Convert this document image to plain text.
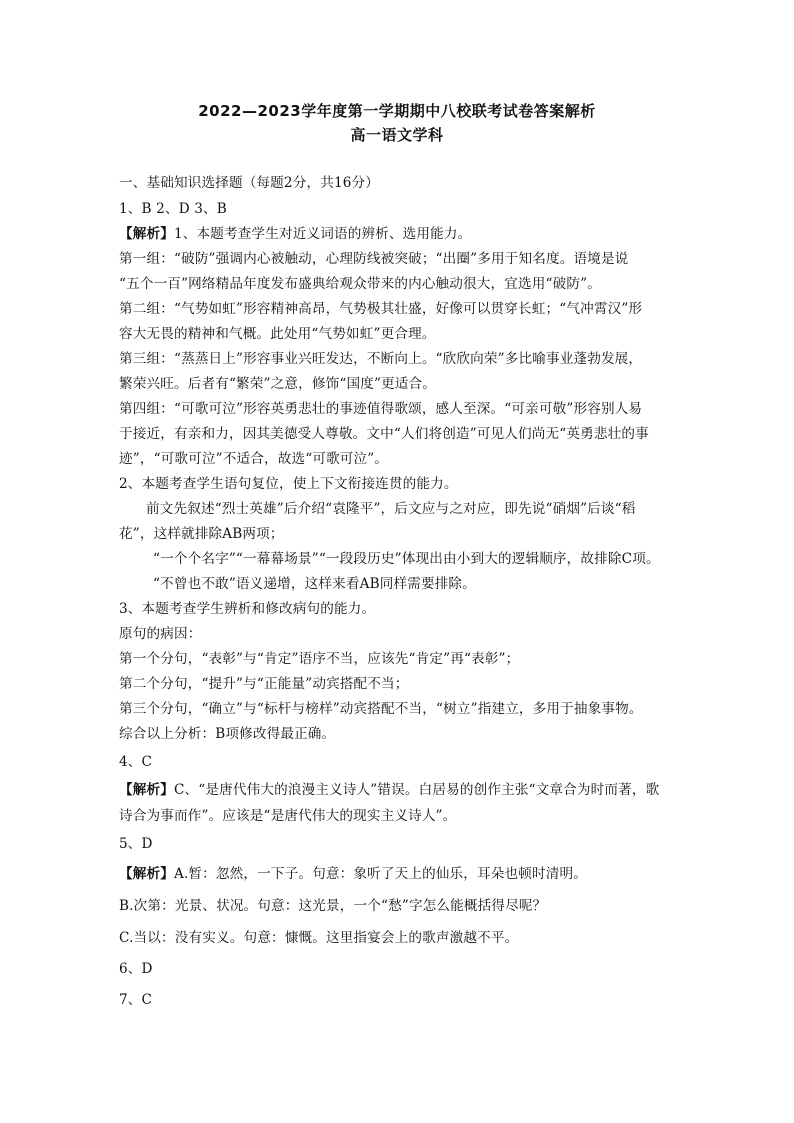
2022—2023学年度第一学期期中八校联考试卷答案解析
高一语文学科
一、基础知识选择题（每题2分，共16分）
1、B 2、D 3、B
【解析】1、本题考查学生对近义词语的辨析、选用能力。
第一组：“破防”强调内心被触动，心理防线被突破；“出圈”多用于知名度。语境是说
“五个一百”网络精品年度发布盛典给观众带来的内心触动很大，宜选用“破防”。
第二组：“气势如虹”形容精神高昂，气势极其壮盛，好像可以贯穿长虹；“气冲霄汉”形
容大无畏的精神和气概。此处用“气势如虹”更合理。
第三组：“蒸蒸日上”形容事业兴旺发达，不断向上。“欣欣向荣”多比喻事业蓬勃发展，
繁荣兴旺。后者有“繁荣”之意，修饰“国度”更适合。
第四组：“可歌可泣”形容英勇悲壮的事迹值得歌颂，感人至深。“可亲可敬”形容别人易
于接近，有亲和力，因其美德受人尊敬。文中“人们将创造”可见人们尚无“英勇悲壮的事
迹”，“可歌可泣”不适合，故选“可歌可泣”。
2、本题考查学生语句复位，使上下文衔接连贯的能力。
前文先叙述“烈士英雄”后介绍“袁隆平”，后文应与之对应，即先说“硝烟”后谈“稻
花”，这样就排除AB两项；
“一个个名字”“一幕幕场景”“一段段历史”体现出由小到大的逻辑顺序，故排除C项。
“不曾也不敢”语义递增，这样来看AB同样需要排除。
3、本题考查学生辨析和修改病句的能力。
原句的病因：
第一个分句，“表彰”与“肯定”语序不当，应该先“肯定”再“表彰”；
第二个分句，“提升”与“正能量”动宾搭配不当；
第三个分句，“确立”与“标杆与榜样”动宾搭配不当，“树立”指建立，多用于抽象事物。
综合以上分析：B项修改得最正确。
4、C
【解析】C、“是唐代伟大的浪漫主义诗人”错误。白居易的创作主张“文章合为时而著，歌
诗合为事而作”。应该是“是唐代伟大的现实主义诗人”。
5、D
【解析】A.暂：忽然，一下子。句意：象听了天上的仙乐，耳朵也顿时清明。
B.次第：光景、状况。句意：这光景，一个“愁”字怎么能概括得尽呢？
C.当以：没有实义。句意：慷慨。这里指宴会上的歌声激越不平。
6、D
7、C
